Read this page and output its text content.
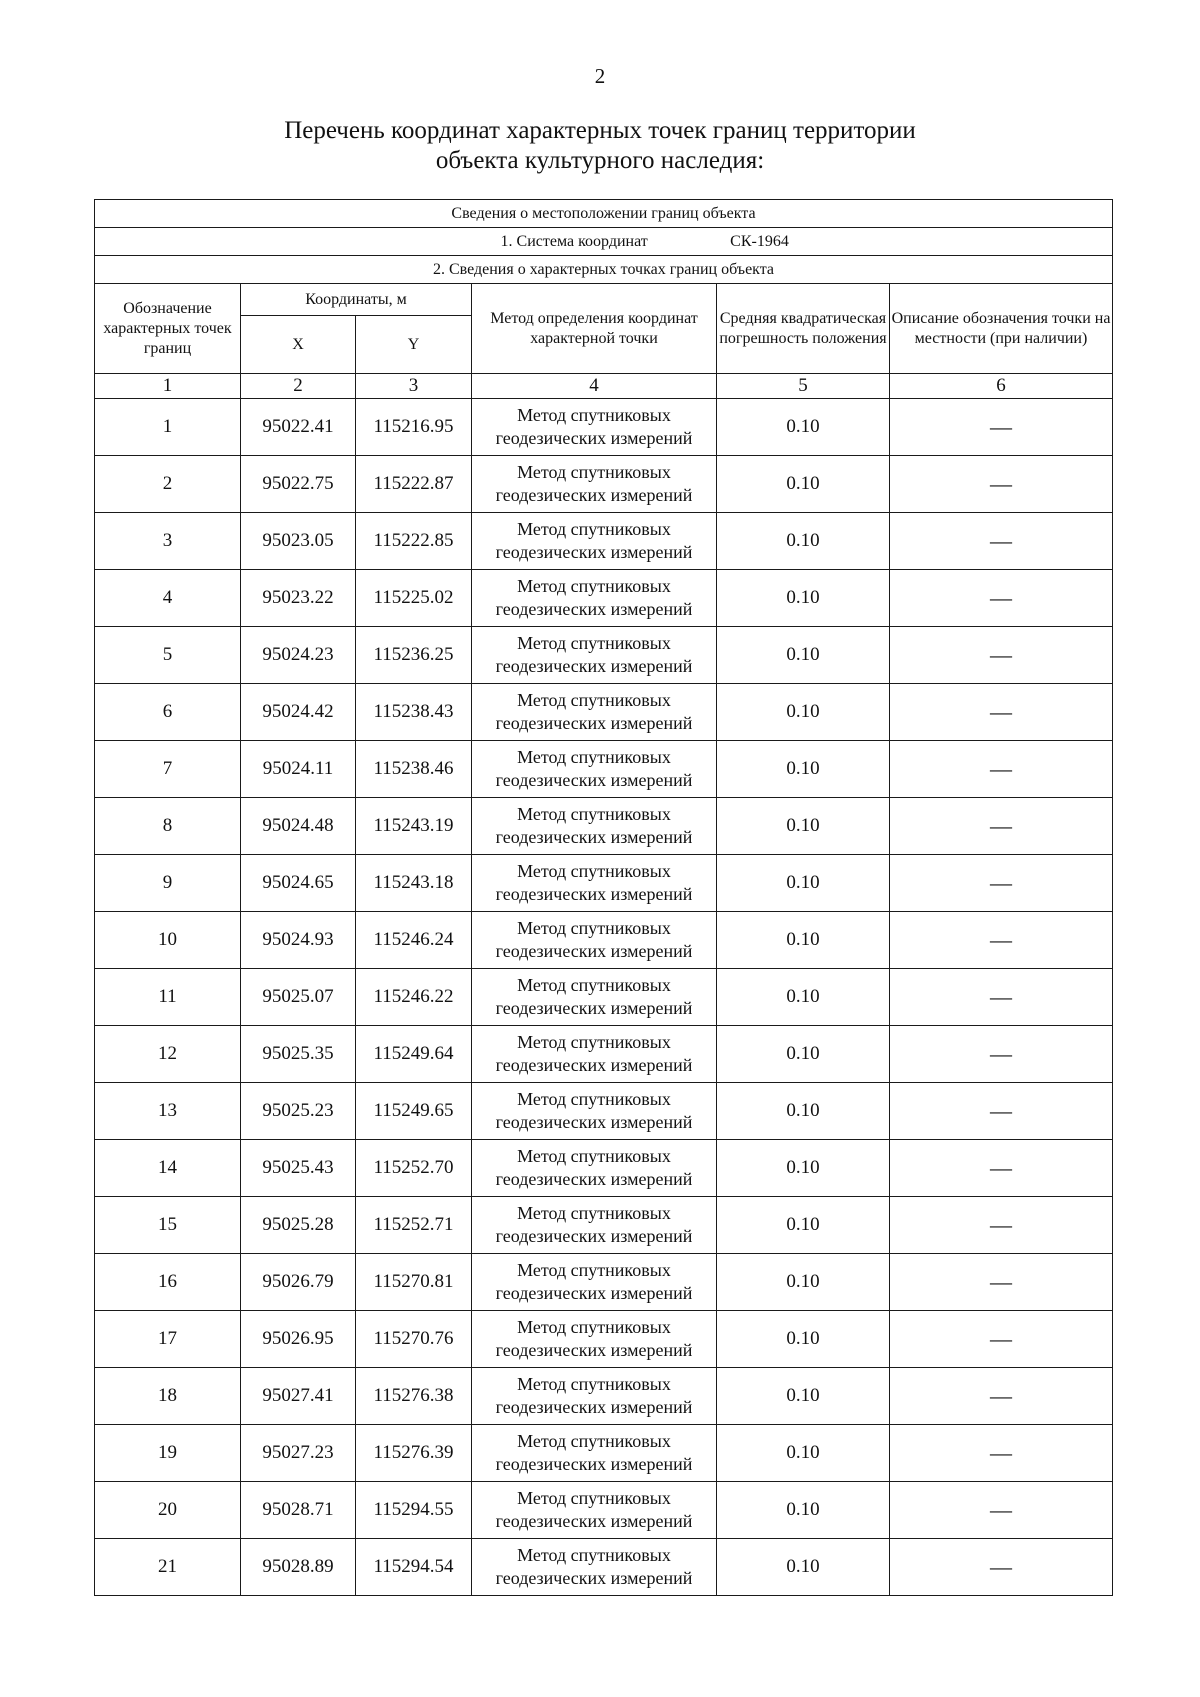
2
Перечень координат характерных точек границ территории
объекта культурного наследия:
Сведения о местоположении границ объекта					
1. Система координат СК-1964					
2. Сведения о характерных точках границ объекта					
Обозначение характерных точек границ	Координаты, м		Метод определения координат характерной точки	Средняя квадратическая погрешность положения	Описание обозначения точки на местности (при наличии)
	X	Y			
1	2	3	4	5	6
1	95022.41	115216.95	Метод спутниковых геодезических измерений	0.10	—
2	95022.75	115222.87	Метод спутниковых геодезических измерений	0.10	—
3	95023.05	115222.85	Метод спутниковых геодезических измерений	0.10	—
4	95023.22	115225.02	Метод спутниковых геодезических измерений	0.10	—
5	95024.23	115236.25	Метод спутниковых геодезических измерений	0.10	—
6	95024.42	115238.43	Метод спутниковых геодезических измерений	0.10	—
7	95024.11	115238.46	Метод спутниковых геодезических измерений	0.10	—
8	95024.48	115243.19	Метод спутниковых геодезических измерений	0.10	—
9	95024.65	115243.18	Метод спутниковых геодезических измерений	0.10	—
10	95024.93	115246.24	Метод спутниковых геодезических измерений	0.10	—
11	95025.07	115246.22	Метод спутниковых геодезических измерений	0.10	—
12	95025.35	115249.64	Метод спутниковых геодезических измерений	0.10	—
13	95025.23	115249.65	Метод спутниковых геодезических измерений	0.10	—
14	95025.43	115252.70	Метод спутниковых геодезических измерений	0.10	—
15	95025.28	115252.71	Метод спутниковых геодезических измерений	0.10	—
16	95026.79	115270.81	Метод спутниковых геодезических измерений	0.10	—
17	95026.95	115270.76	Метод спутниковых геодезических измерений	0.10	—
18	95027.41	115276.38	Метод спутниковых геодезических измерений	0.10	—
19	95027.23	115276.39	Метод спутниковых геодезических измерений	0.10	—
20	95028.71	115294.55	Метод спутниковых геодезических измерений	0.10	—
21	95028.89	115294.54	Метод спутниковых геодезических измерений	0.10	—
